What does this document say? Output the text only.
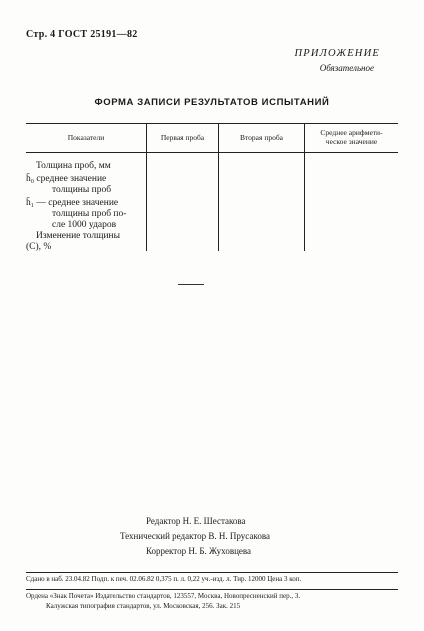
Стр. 4 ГОСТ 25191—82
ПРИЛОЖЕНИЕ
Обязательное
ФОРМА ЗАПИСИ РЕЗУЛЬТАТОВ ИСПЫТАНИЙ
Показатели	Первая проба	Вторая проба
Среднее арифмети-
ческое значение
Толщина проб, мм
h̄₀ среднее значение
толщины проб
h̄₁ — среднее значение
толщины проб по-
сле 1000 ударов
Изменение толщины
(С), %
Редактор Н. Е. Шестакова
Технический редактор В. Н. Прусакова
Корректор Н. Б. Жуховцева
Сдано в наб. 23.04.82 Подп. к печ. 02.06.82 0,375 п. л. 0,22 уч.-изд. л. Тир. 12000 Цена 3 коп.
Ордена «Знак Почета» Издательство стандартов, 123557, Москва, Новопресненский пер., 3.
Калужская типография стандартов, ул. Московская, 256. Зак. 215
